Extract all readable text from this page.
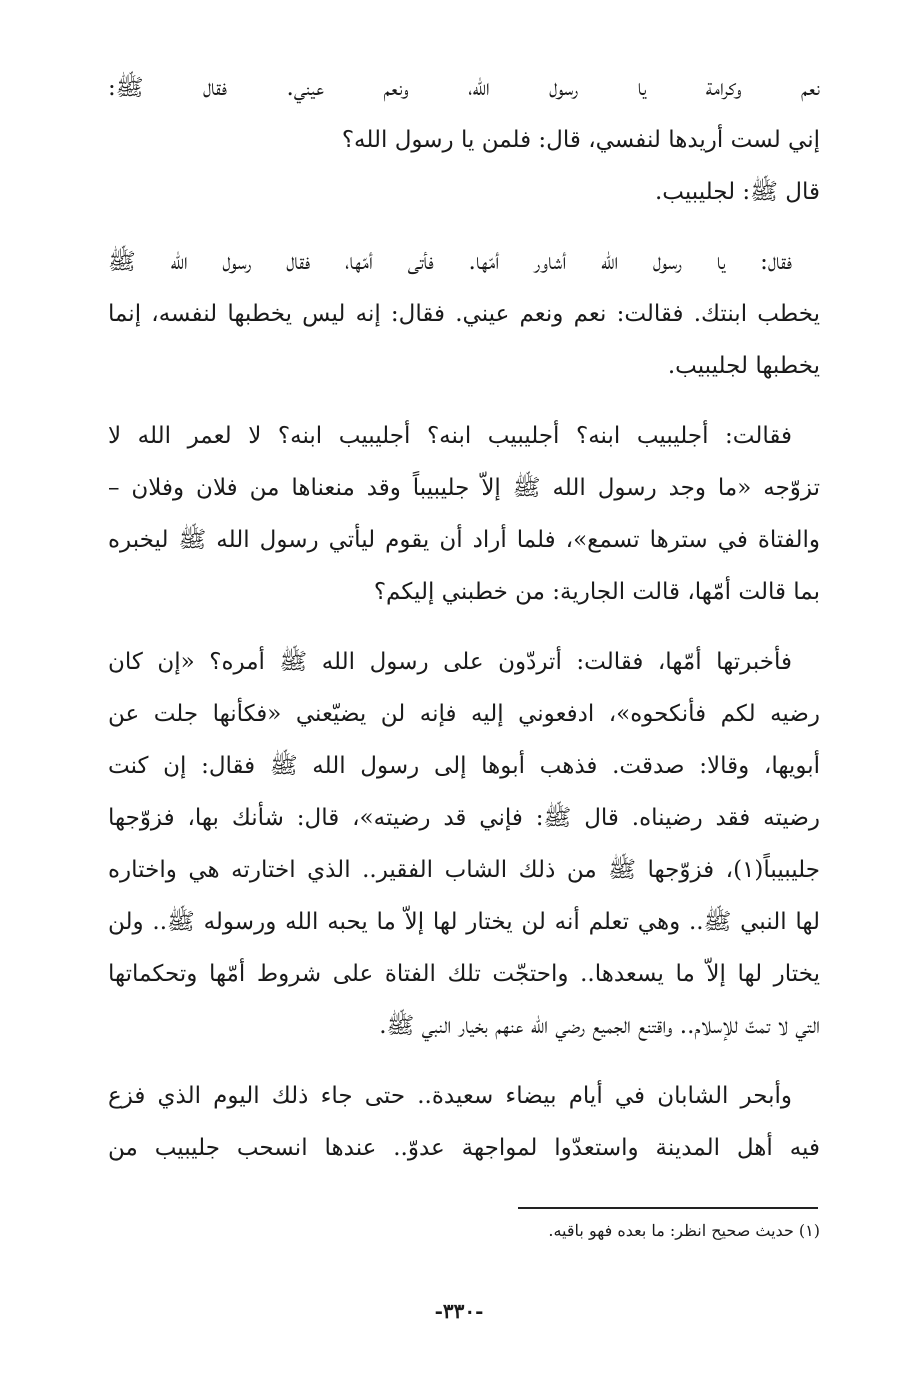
نعم وكرامة يا رسول الله، ونعم عيني. فقال ﷺ:
إني لست أريدها لنفسي، قال: فلمن يا رسول الله؟
قال ﷺ: لجليبيب.
فقال: يا رسول الله أشاور أمّها. فأتى أمّها، فقال رسول الله ﷺ
يخطب ابنتك. فقالت: نعم ونعم عيني. فقال: إنه ليس يخطبها لنفسه، إنما
يخطبها لجليبيب.
فقالت: أجليبيب ابنه؟ أجليبيب ابنه؟ أجليبيب ابنه؟ لا لعمر الله لا
تزوّجه «ما وجد رسول الله ﷺ إلاّ جليبيباً وقد منعناها من فلان وفلان –
والفتاة في سترها تسمع»، فلما أراد أن يقوم ليأتي رسول الله ﷺ ليخبره
بما قالت أمّها، قالت الجارية: من خطبني إليكم؟
فأخبرتها أمّها، فقالت: أتردّون على رسول الله ﷺ أمره؟ «إن كان
رضيه لكم فأنكحوه»، ادفعوني إليه فإنه لن يضيّعني «فكأنها جلت عن
أبويها، وقالا: صدقت. فذهب أبوها إلى رسول الله ﷺ فقال: إن كنت
رضيته فقد رضيناه. قال ﷺ: فإني قد رضيته»، قال: شأنك بها، فزوّجها
جليبيباً(١)، فزوّجها ﷺ من ذلك الشاب الفقير.. الذي اختارته هي واختاره
لها النبي ﷺ.. وهي تعلم أنه لن يختار لها إلاّ ما يحبه الله ورسوله ﷺ.. ولن
يختار لها إلاّ ما يسعدها.. واحتجّت تلك الفتاة على شروط أمّها وتحكماتها
التي لا تمتّ للإسلام.. واقتنع الجميع رضي الله عنهم بخيار النبي ﷺ.
وأبحر الشابان في أيام بيضاء سعيدة.. حتى جاء ذلك اليوم الذي فزع
فيه أهل المدينة واستعدّوا لمواجهة عدوّ.. عندها انسحب جليبيب من
(١) حديث صحيح انظر: ما بعده فهو باقيه.
-٣٣٠-
